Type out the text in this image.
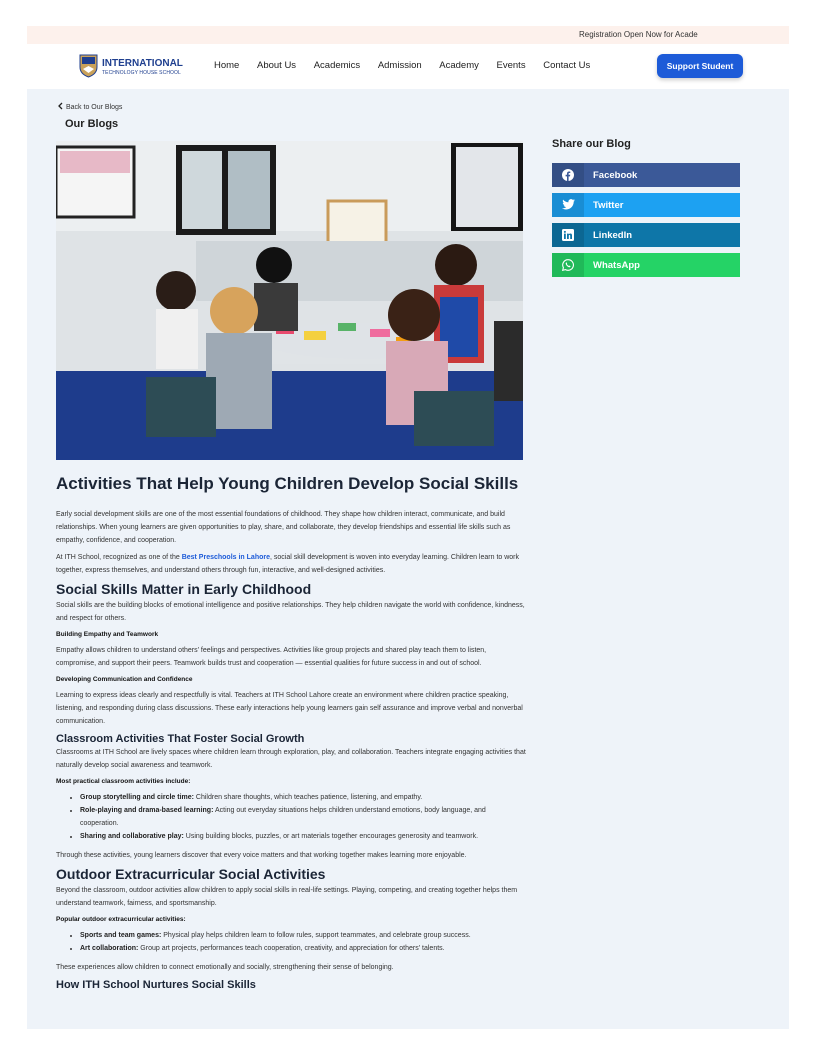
Registration Open Now for Acade
INTERNATIONAL
TECHNOLOGY HOUSE SCHOOL
Home About Us Academics Admission Academy Events Contact Us	Support Student
Back to Our Blogs
Our Blogs
Share our Blog
Facebook
Twitter
LinkedIn
WhatsApp
Activities That Help Young Children Develop Social Skills

Early social development skills are one of the most essential foundations of childhood. They shape how children interact, communicate, and build relationships. When young learners are given opportunities to play, share, and collaborate, they develop friendships and essential life skills such as empathy, confidence, and cooperation.

At ITH School, recognized as one of the Best Preschools in Lahore, social skill development is woven into everyday learning. Children learn to work together, express themselves, and understand others through fun, interactive, and well-designed activities.

Social Skills Matter in Early Childhood

Social skills are the building blocks of emotional intelligence and positive relationships. They help children navigate the world with confidence, kindness, and respect for others.

Building Empathy and Teamwork

Empathy allows children to understand others' feelings and perspectives. Activities like group projects and shared play teach them to listen, compromise, and support their peers. Teamwork builds trust and cooperation — essential qualities for future success in and out of school.

Developing Communication and Confidence

Learning to express ideas clearly and respectfully is vital. Teachers at ITH School Lahore create an environment where children practice speaking, listening, and responding during class discussions. These early interactions help young learners gain self assurance and improve verbal and nonverbal communication.

Classroom Activities That Foster Social Growth

Classrooms at ITH School are lively spaces where children learn through exploration, play, and collaboration. Teachers integrate engaging activities that naturally develop social awareness and teamwork.

Most practical classroom activities include:
• Group storytelling and circle time: Children share thoughts, which teaches patience, listening, and empathy.
• Role-playing and drama-based learning: Acting out everyday situations helps children understand emotions, body language, and cooperation.
• Sharing and collaborative play: Using building blocks, puzzles, or art materials together encourages generosity and teamwork.

Through these activities, young learners discover that every voice matters and that working together makes learning more enjoyable.

Outdoor Extracurricular Social Activities

Beyond the classroom, outdoor activities allow children to apply social skills in real-life settings. Playing, competing, and creating together helps them understand teamwork, fairness, and sportsmanship.

Popular outdoor extracurricular activities:
• Sports and team games: Physical play helps children learn to follow rules, support teammates, and celebrate group success.
• Art collaboration: Group art projects, performances teach cooperation, creativity, and appreciation for others' talents.

These experiences allow children to connect emotionally and socially, strengthening their sense of belonging.

How ITH School Nurtures Social Skills
